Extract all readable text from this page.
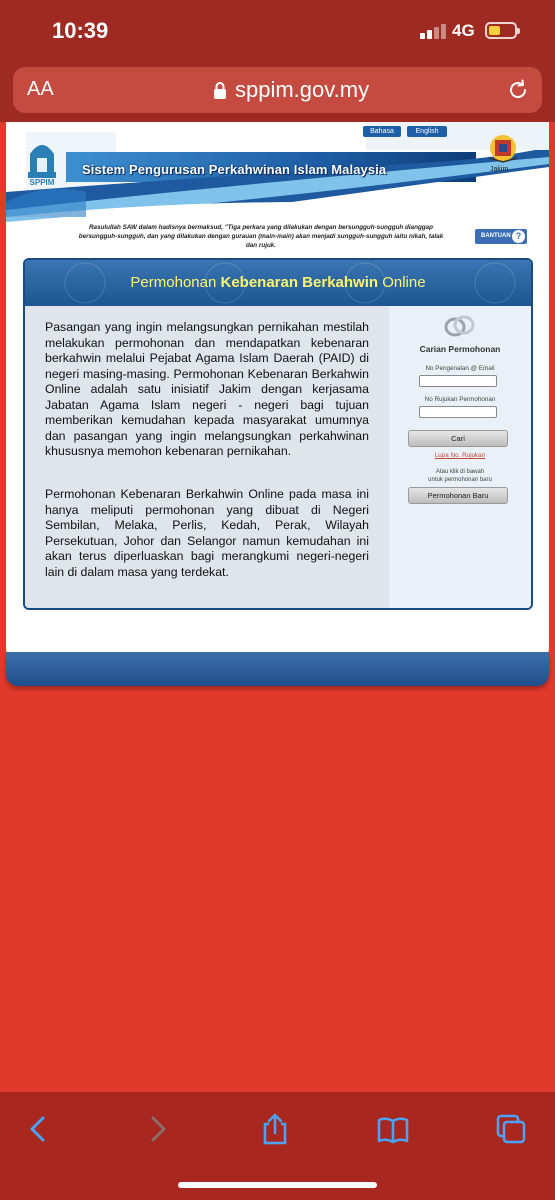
10:39	4G
AA	sppim.gov.my
SPPIM
Bahasa	English
Sistem Pengurusan Perkahwinan Islam Malaysia	Jakim
Rasulullah SAW dalam hadisnya bermaksud, "Tiga perkara yang dilakukan dengan bersungguh-sungguh dianggap bersungguh-sungguh, dan yang dilakukan dengan gurauan (main-main) akan menjadi sungguh-sungguh iaitu nikah, talak dan rujuk.
BANTUAN ?
Permohonan Kebenaran Berkahwin Online

Pasangan yang ingin melangsungkan pernikahan mestilah melakukan permohonan dan mendapatkan kebenaran berkahwin melalui Pejabat Agama Islam Daerah (PAID) di negeri masing-masing. Permohonan Kebenaran Berkahwin Online adalah satu inisiatif Jakim dengan kerjasama Jabatan Agama Islam negeri - negeri bagi tujuan memberikan kemudahan kepada masyarakat umumnya dan pasangan yang ingin melangsungkan perkahwinan khususnya memohon kebenaran pernikahan.

Permohonan Kebenaran Berkahwin Online pada masa ini hanya meliputi permohonan yang dibuat di Negeri Sembilan, Melaka, Perlis, Kedah, Perak, Wilayah Persekutuan, Johor dan Selangor namun kemudahan ini akan terus diperluaskan bagi merangkumi negeri-negeri lain di dalam masa yang terdekat.

Carian Permohonan
No Pengenalan @ Email
No Rujukan Permohonan
Cari
Lupa No. Rujukan
Atau klik di bawah
untuk permohonan baru
Permohonan Baru
